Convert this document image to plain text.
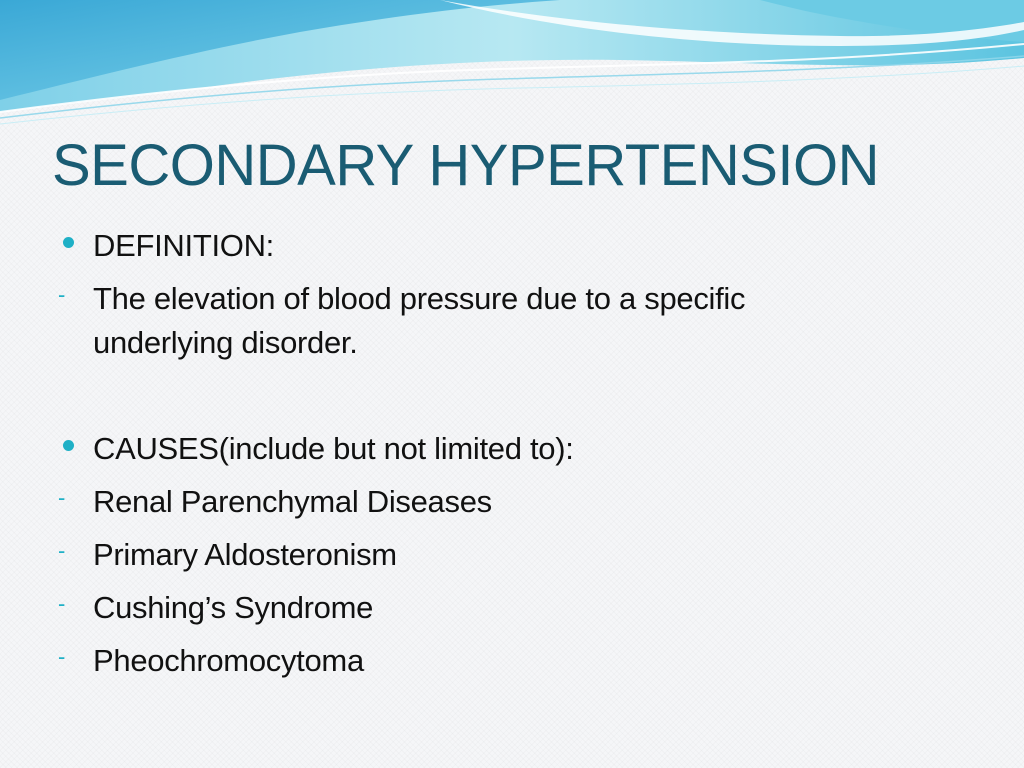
SECONDARY HYPERTENSION
DEFINITION:
- The elevation of blood pressure due to a specific underlying disorder.
CAUSES(include but not limited to):
- Renal Parenchymal Diseases
- Primary Aldosteronism
- Cushing’s Syndrome
- Pheochromocytoma
